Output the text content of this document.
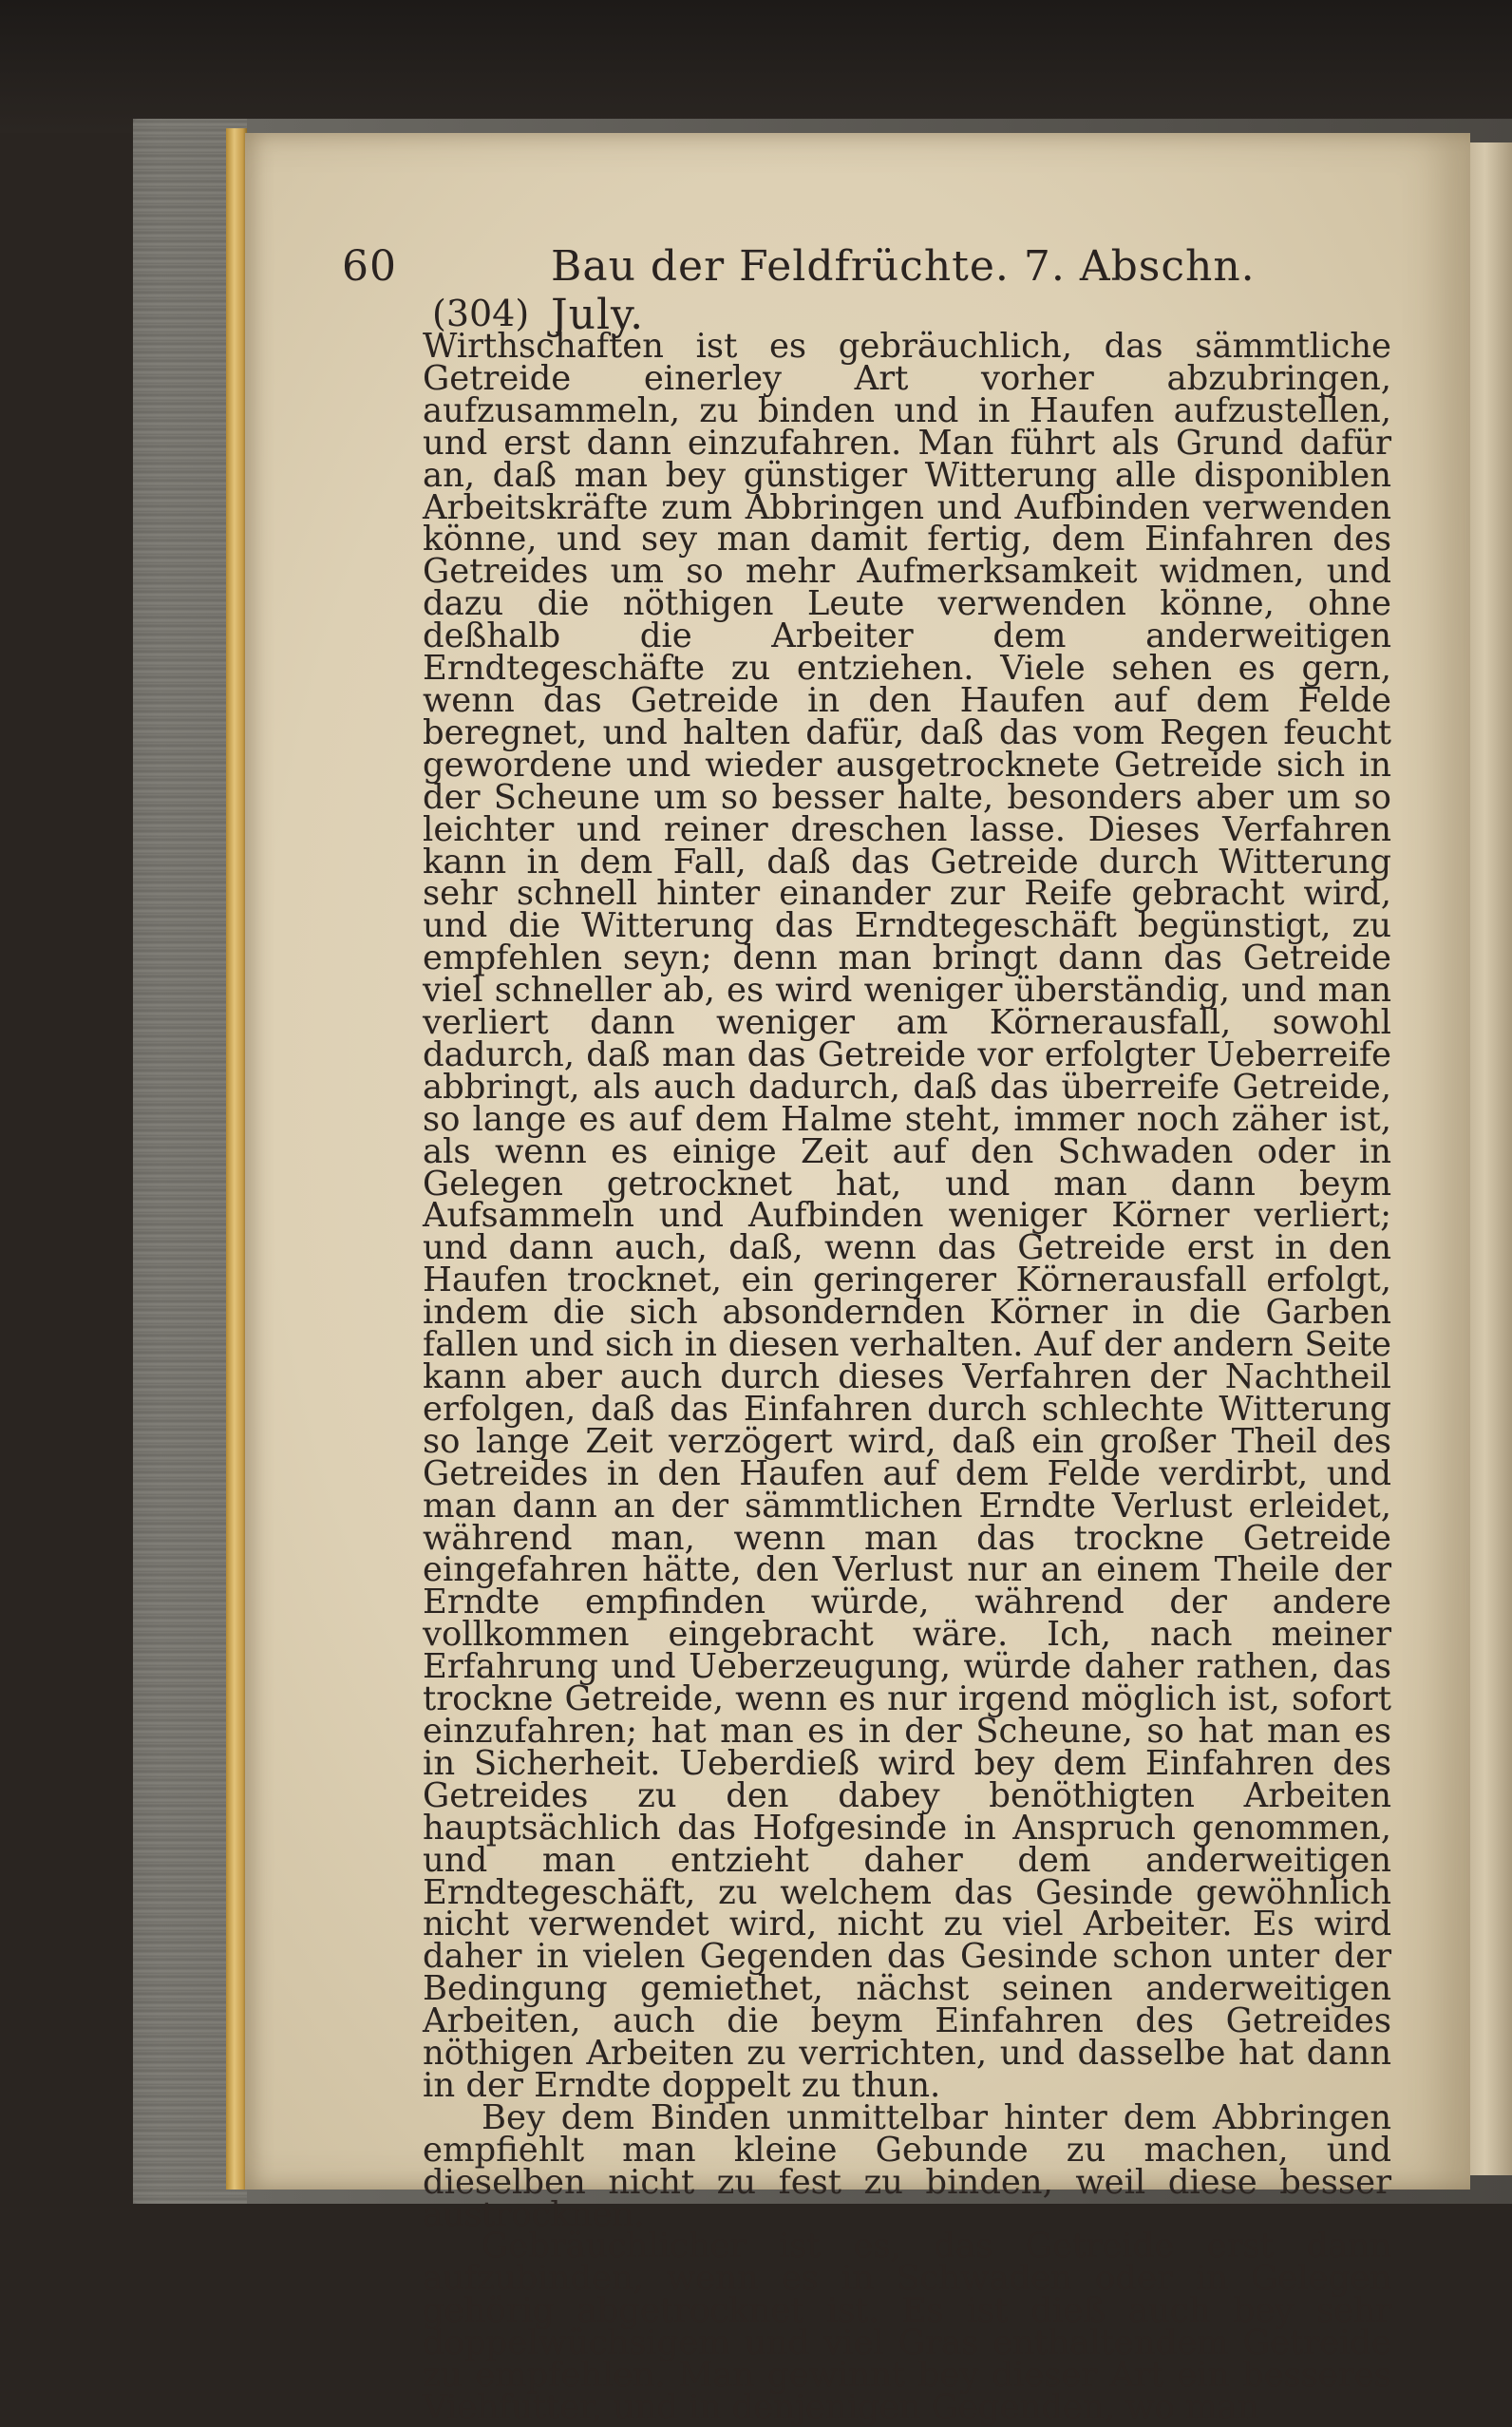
60	Bau der Feldfrüchte. 7. Abschn. July.
(304)

Wirthschaften ist es gebräuchlich, das sämmtliche Getreide einerley Art vorher abzubringen, aufzusammeln, zu binden und in Haufen aufzustellen, und erst dann einzufahren. Man führt als Grund dafür an, daß man bey günstiger Witterung alle disponiblen Arbeitskräfte zum Abbringen und Aufbinden verwenden könne, und sey man damit fertig, dem Einfahren des Getreides um so mehr Aufmerksamkeit widmen, und dazu die nöthigen Leute verwenden könne, ohne deßhalb die Arbeiter dem anderweitigen Erndtegeschäfte zu entziehen. Viele sehen es gern, wenn das Getreide in den Haufen auf dem Felde beregnet, und halten dafür, daß das vom Regen feucht gewordene und wieder ausgetrocknete Getreide sich in der Scheune um so besser halte, besonders aber um so leichter und reiner dreschen lasse. Dieses Verfahren kann in dem Fall, daß das Getreide durch Witterung sehr schnell hinter einander zur Reife gebracht wird, und die Witterung das Erndtegeschäft begünstigt, zu empfehlen seyn; denn man bringt dann das Getreide viel schneller ab, es wird weniger überständig, und man verliert dann weniger am Körnerausfall, sowohl dadurch, daß man das Getreide vor erfolgter Ueberreife abbringt, als auch dadurch, daß das überreife Getreide, so lange es auf dem Halme steht, immer noch zäher ist, als wenn es einige Zeit auf den Schwaden oder in Gelegen getrocknet hat, und man dann beym Aufsammeln und Aufbinden weniger Körner verliert; und dann auch, daß, wenn das Getreide erst in den Haufen trocknet, ein geringerer Körnerausfall erfolgt, indem die sich absondernden Körner in die Garben fallen und sich in diesen verhalten. Auf der andern Seite kann aber auch durch dieses Verfahren der Nachtheil erfolgen, daß das Einfahren durch schlechte Witterung so lange Zeit verzögert wird, daß ein großer Theil des Getreides in den Haufen auf dem Felde verdirbt, und man dann an der sämmtlichen Erndte Verlust erleidet, während man, wenn man das trockne Getreide eingefahren hätte, den Verlust nur an einem Theile der Erndte empfinden würde, während der andere vollkommen eingebracht wäre. Ich, nach meiner Erfahrung und Ueberzeugung, würde daher rathen, das trockne Getreide, wenn es nur irgend möglich ist, sofort einzufahren; hat man es in der Scheune, so hat man es in Sicherheit. Ueberdieß wird bey dem Einfahren des Getreides zu den dabey benöthigten Arbeiten hauptsächlich das Hofgesinde in Anspruch genommen, und man entzieht daher dem anderweitigen Erndtegeschäft, zu welchem das Gesinde gewöhnlich nicht verwendet wird, nicht zu viel Arbeiter. Es wird daher in vielen Gegenden das Gesinde schon unter der Bedingung gemiethet, nächst seinen anderweitigen Arbeiten, auch die beym Einfahren des Getreides nöthigen Arbeiten zu verrichten, und dasselbe hat dann in der Erndte doppelt zu thun.

Bey dem Binden unmittelbar hinter dem Abbringen empfiehlt man kleine Gebunde zu machen, und dieselben nicht zu fest zu binden, weil diese besser austrocknen.

Gebräuchlicher ist es, das Getreide erst dann aufzubinden, wenn es in Schwaden oder in Gelegen gehörig abgetrocknet ist. Es ist dieß auch bey sehr doppelwüchsigem und viel Gras enthaltendem Getreide zu empfehlen. Man gewinnt bey dieser Art ein besseres Viehfutter, und in denjenigen Gegenden, wo man
